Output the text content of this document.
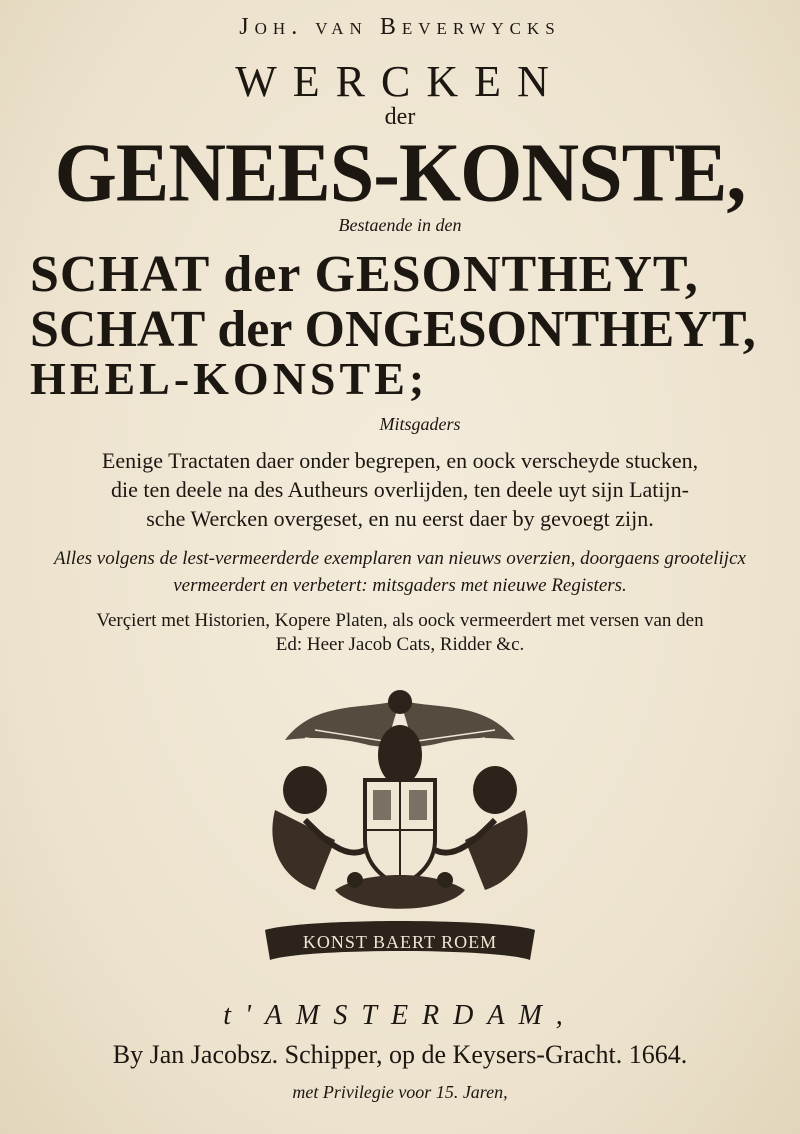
Joh. van Beverwycks
WERCKEN
der
GENEES-KONSTE,
Bestaende in den
SCHAT der GESONTHEYT,
SCHAT der ONGESONTHEYT,
HEEL-KONSTE;
Mitsgaders
Eenige Tractaten daer onder begrepen, en oock verscheyde stucken,
die ten deele na des Autheurs overlijden, ten deele uyt sijn Latijn-
sche Wercken overgeset, en nu eerst daer by gevoegt zijn.
Alles volgens de lest-vermeerderde exemplaren van nieuws overzien, doorgaens grootelijcx
vermeerdert en verbetert: mitsgaders met nieuwe Registers.
Verçiert met Historien, Kopere Platen, als oock vermeerdert met versen van den
Ed: Heer Jacob Cats, Ridder &c.
KONST BAERT ROEM
t'AMSTERDAM,
By Jan Jacobsz. Schipper, op de Keysers-Gracht. 1664.
met Privilegie voor 15. Jaren,
